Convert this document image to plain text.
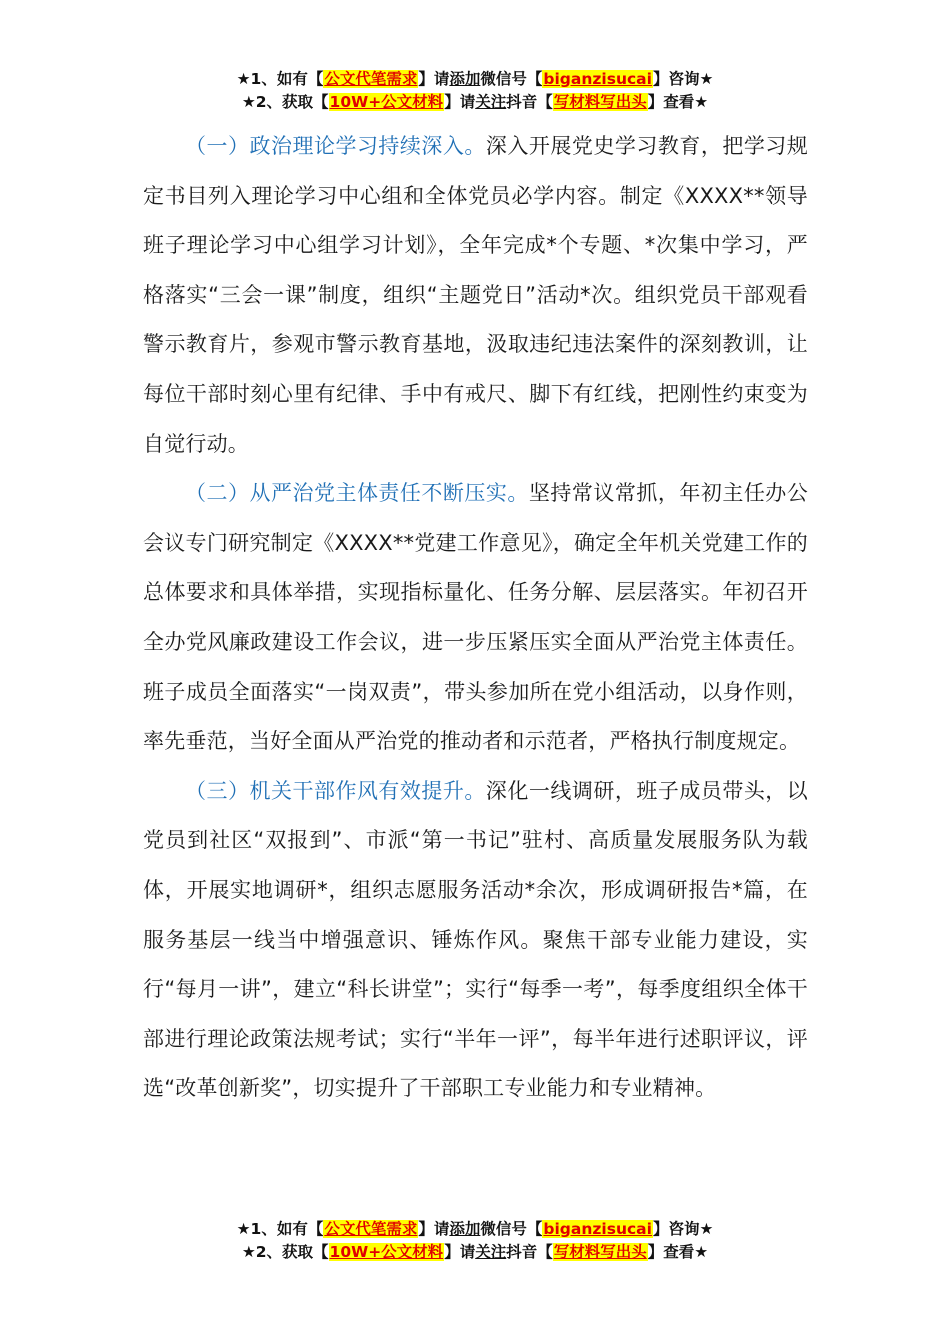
★1、如有【公文代笔需求】请添加微信号【biganzisucai】咨询★
★2、获取【10W+公文材料】请关注抖音【写材料写出头】查看★

（一）政治理论学习持续深入。深入开展党史学习教育，把学习规定书目列入理论学习中心组和全体党员必学内容。制定《XXXX**领导班子理论学习中心组学习计划》，全年完成*个专题、*次集中学习，严格落实“三会一课”制度，组织“主题党日”活动*次。组织党员干部观看警示教育片，参观市警示教育基地，汲取违纪违法案件的深刻教训，让每位干部时刻心里有纪律、手中有戒尺、脚下有红线，把刚性约束变为自觉行动。

（二）从严治党主体责任不断压实。坚持常议常抓，年初主任办公会议专门研究制定《XXXX**党建工作意见》，确定全年机关党建工作的总体要求和具体举措，实现指标量化、任务分解、层层落实。年初召开全办党风廉政建设工作会议，进一步压紧压实全面从严治党主体责任。班子成员全面落实“一岗双责”，带头参加所在党小组活动，以身作则，率先垂范，当好全面从严治党的推动者和示范者，严格执行制度规定。

（三）机关干部作风有效提升。深化一线调研，班子成员带头，以党员到社区“双报到”、市派“第一书记”驻村、高质量发展服务队为载体，开展实地调研*，组织志愿服务活动*余次，形成调研报告*篇，在服务基层一线当中增强意识、锤炼作风。聚焦干部专业能力建设，实行“每月一讲”，建立“科长讲堂”；实行“每季一考”，每季度组织全体干部进行理论政策法规考试；实行“半年一评”，每半年进行述职评议，评选“改革创新奖”，切实提升了干部职工专业能力和专业精神。

★1、如有【公文代笔需求】请添加微信号【biganzisucai】咨询★
★2、获取【10W+公文材料】请关注抖音【写材料写出头】查看★
